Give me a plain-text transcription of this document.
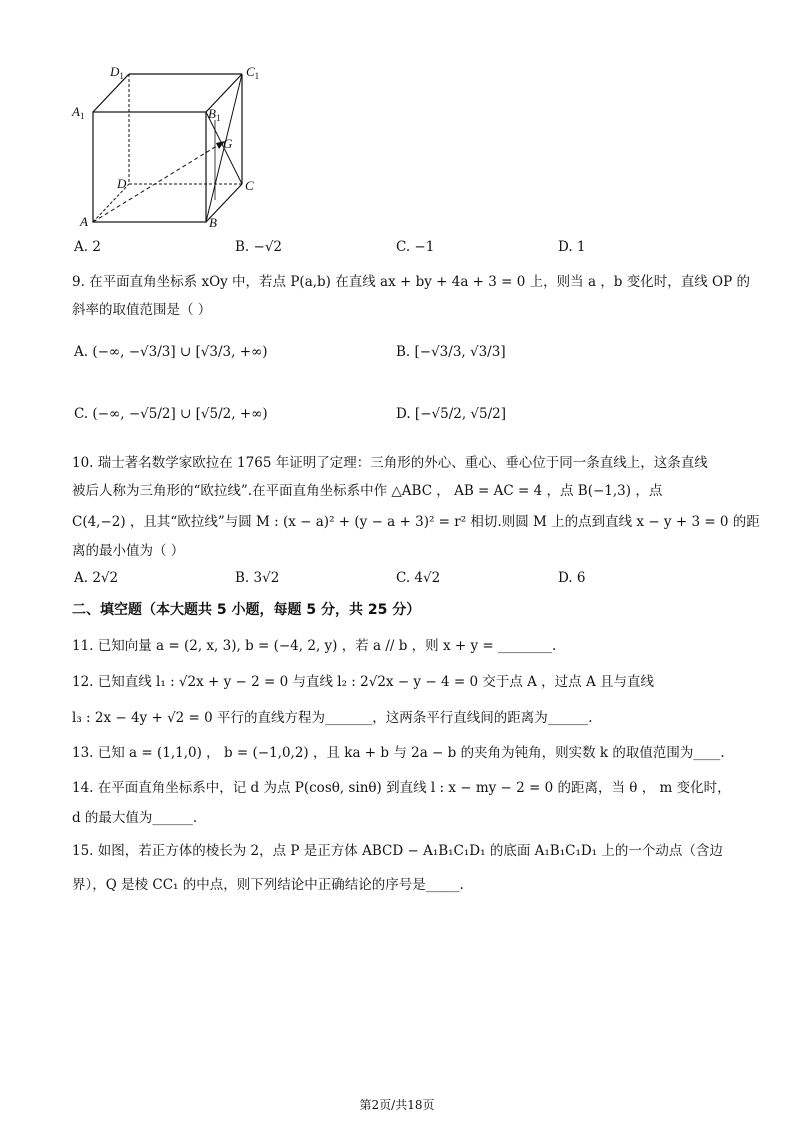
$D_1$	$C_1$
$A_1$	$B_1$
G
D	C
A	B
A. 2	B. −√2	C. −1	D. 1
9. 在平面直角坐标系 xOy 中，若点 P(a,b) 在直线 ax + by + 4a + 3 = 0 上，则当 a ，b 变化时，直线 OP 的
斜率的取值范围是（ ）
A. (−∞, −√3/3] ∪ [√3/3, +∞)	B. [−√3/3, √3/3]
C. (−∞, −√5/2] ∪ [√5/2, +∞)	D. [−√5/2, √5/2]
10. 瑞士著名数学家欧拉在 1765 年证明了定理：三角形的外心、重心、垂心位于同一条直线上，这条直线
被后人称为三角形的“欧拉线”.在平面直角坐标系中作 △ABC ， AB = AC = 4 ，点 B(−1,3) ，点
C(4,−2) ，且其“欧拉线”与圆 M : (x − a)² + (y − a + 3)² = r² 相切.则圆 M 上的点到直线 x − y + 3 = 0 的距
离的最小值为（ ）
A. 2√2	B. 3√2	C. 4√2	D. 6
二、填空题（本大题共 5 小题，每题 5 分，共 25 分）
11. 已知向量 a = (2, x, 3), b = (−4, 2, y) ，若 a // b ，则 x + y = ________.
12. 已知直线 l₁ : √2x + y − 2 = 0 与直线 l₂ : 2√2x − y − 4 = 0 交于点 A ，过点 A 且与直线
l₃ : 2x − 4y + √2 = 0 平行的直线方程为_______，这两条平行直线间的距离为______.
13. 已知 a = (1,1,0) ， b = (−1,0,2) ，且 ka + b 与 2a − b 的夹角为钝角，则实数 k 的取值范围为____.
14. 在平面直角坐标系中，记 d 为点 P(cosθ, sinθ) 到直线 l : x − my − 2 = 0 的距离，当 θ ， m 变化时，
d 的最大值为______.
15. 如图，若正方体的棱长为 2，点 P 是正方体 ABCD − A₁B₁C₁D₁ 的底面 A₁B₁C₁D₁ 上的一个动点（含边
界），Q 是棱 CC₁ 的中点，则下列结论中正确结论的序号是_____.
第2页/共18页
